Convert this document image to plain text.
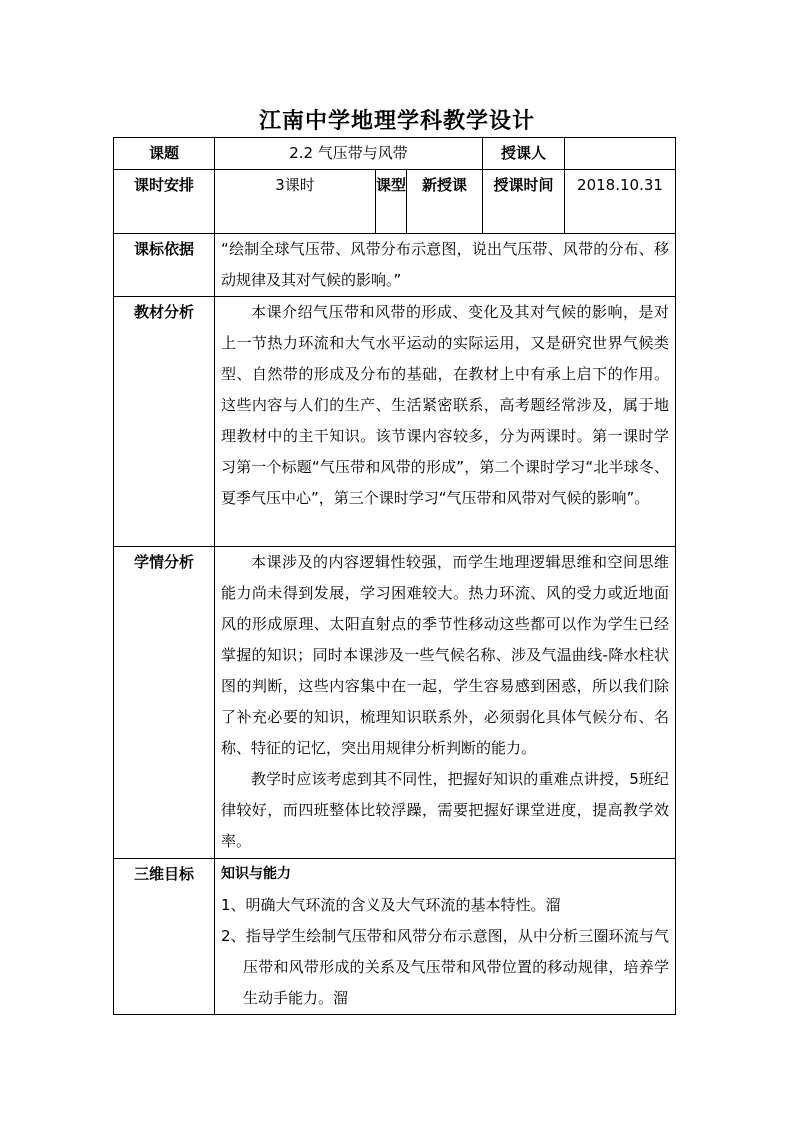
江南中学地理学科教学设计
课题	2.2 气压带与风带			授课人	
课时安排	3课时	课型	新授课	授课时间	2018.10.31
课标依据	“绘制全球气压带、风带分布示意图，说出气压带、风带的分布、移动规律及其对气候的影响。”				
教材分析	本课介绍气压带和风带的形成、变化及其对气候的影响，是对上一节热力环流和大气水平运动的实际运用，又是研究世界气候类型、自然带的形成及分布的基础，在教材上中有承上启下的作用。这些内容与人们的生产、生活紧密联系，高考题经常涉及，属于地理教材中的主干知识。该节课内容较多，分为两课时。第一课时学习第一个标题“气压带和风带的形成”，第二个课时学习“北半球冬、夏季气压中心”，第三个课时学习“气压带和风带对气候的影响”。				
学情分析	本课涉及的内容逻辑性较强，而学生地理逻辑思维和空间思维能力尚未得到发展，学习困难较大。热力环流、风的受力或近地面风的形成原理、太阳直射点的季节性移动这些都可以作为学生已经掌握的知识；同时本课涉及一些气候名称、涉及气温曲线-降水柱状图的判断，这些内容集中在一起，学生容易感到困惑，所以我们除了补充必要的知识，梳理知识联系外，必须弱化具体气候分布、名称、特征的记忆，突出用规律分析判断的能力。
教学时应该考虑到其不同性，把握好知识的重难点讲授，5班纪律较好，而四班整体比较浮躁，需要把握好课堂进度，提高教学效率。				

三维目标	知识与能力
1、明确大气环流的含义及大气环流的基本特性。溜
2、指导学生绘制气压带和风带分布示意图，从中分析三圈环流与气压带和风带形成的关系及气压带和风带位置的移动规律，培养学生动手能力。溜				
